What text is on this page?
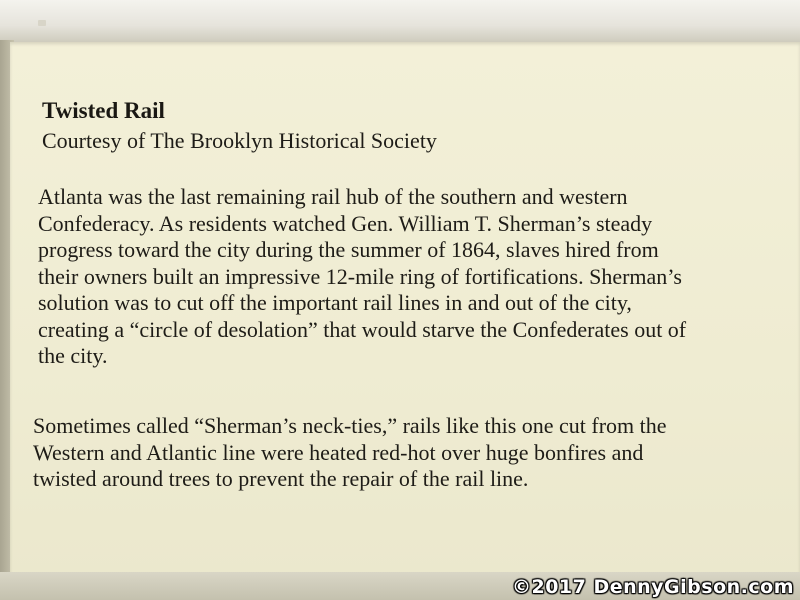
Twisted Rail
Courtesy of The Brooklyn Historical Society
Atlanta was the last remaining rail hub of the southern and western
Confederacy. As residents watched Gen. William T. Sherman’s steady
progress toward the city during the summer of 1864, slaves hired from
their owners built an impressive 12-mile ring of fortifications. Sherman’s
solution was to cut off the important rail lines in and out of the city,
creating a “circle of desolation” that would starve the Confederates out of
the city.
Sometimes called “Sherman’s neck-ties,” rails like this one cut from the
Western and Atlantic line were heated red-hot over huge bonfires and
twisted around trees to prevent the repair of the rail line.
©2017 DennyGibson.com
